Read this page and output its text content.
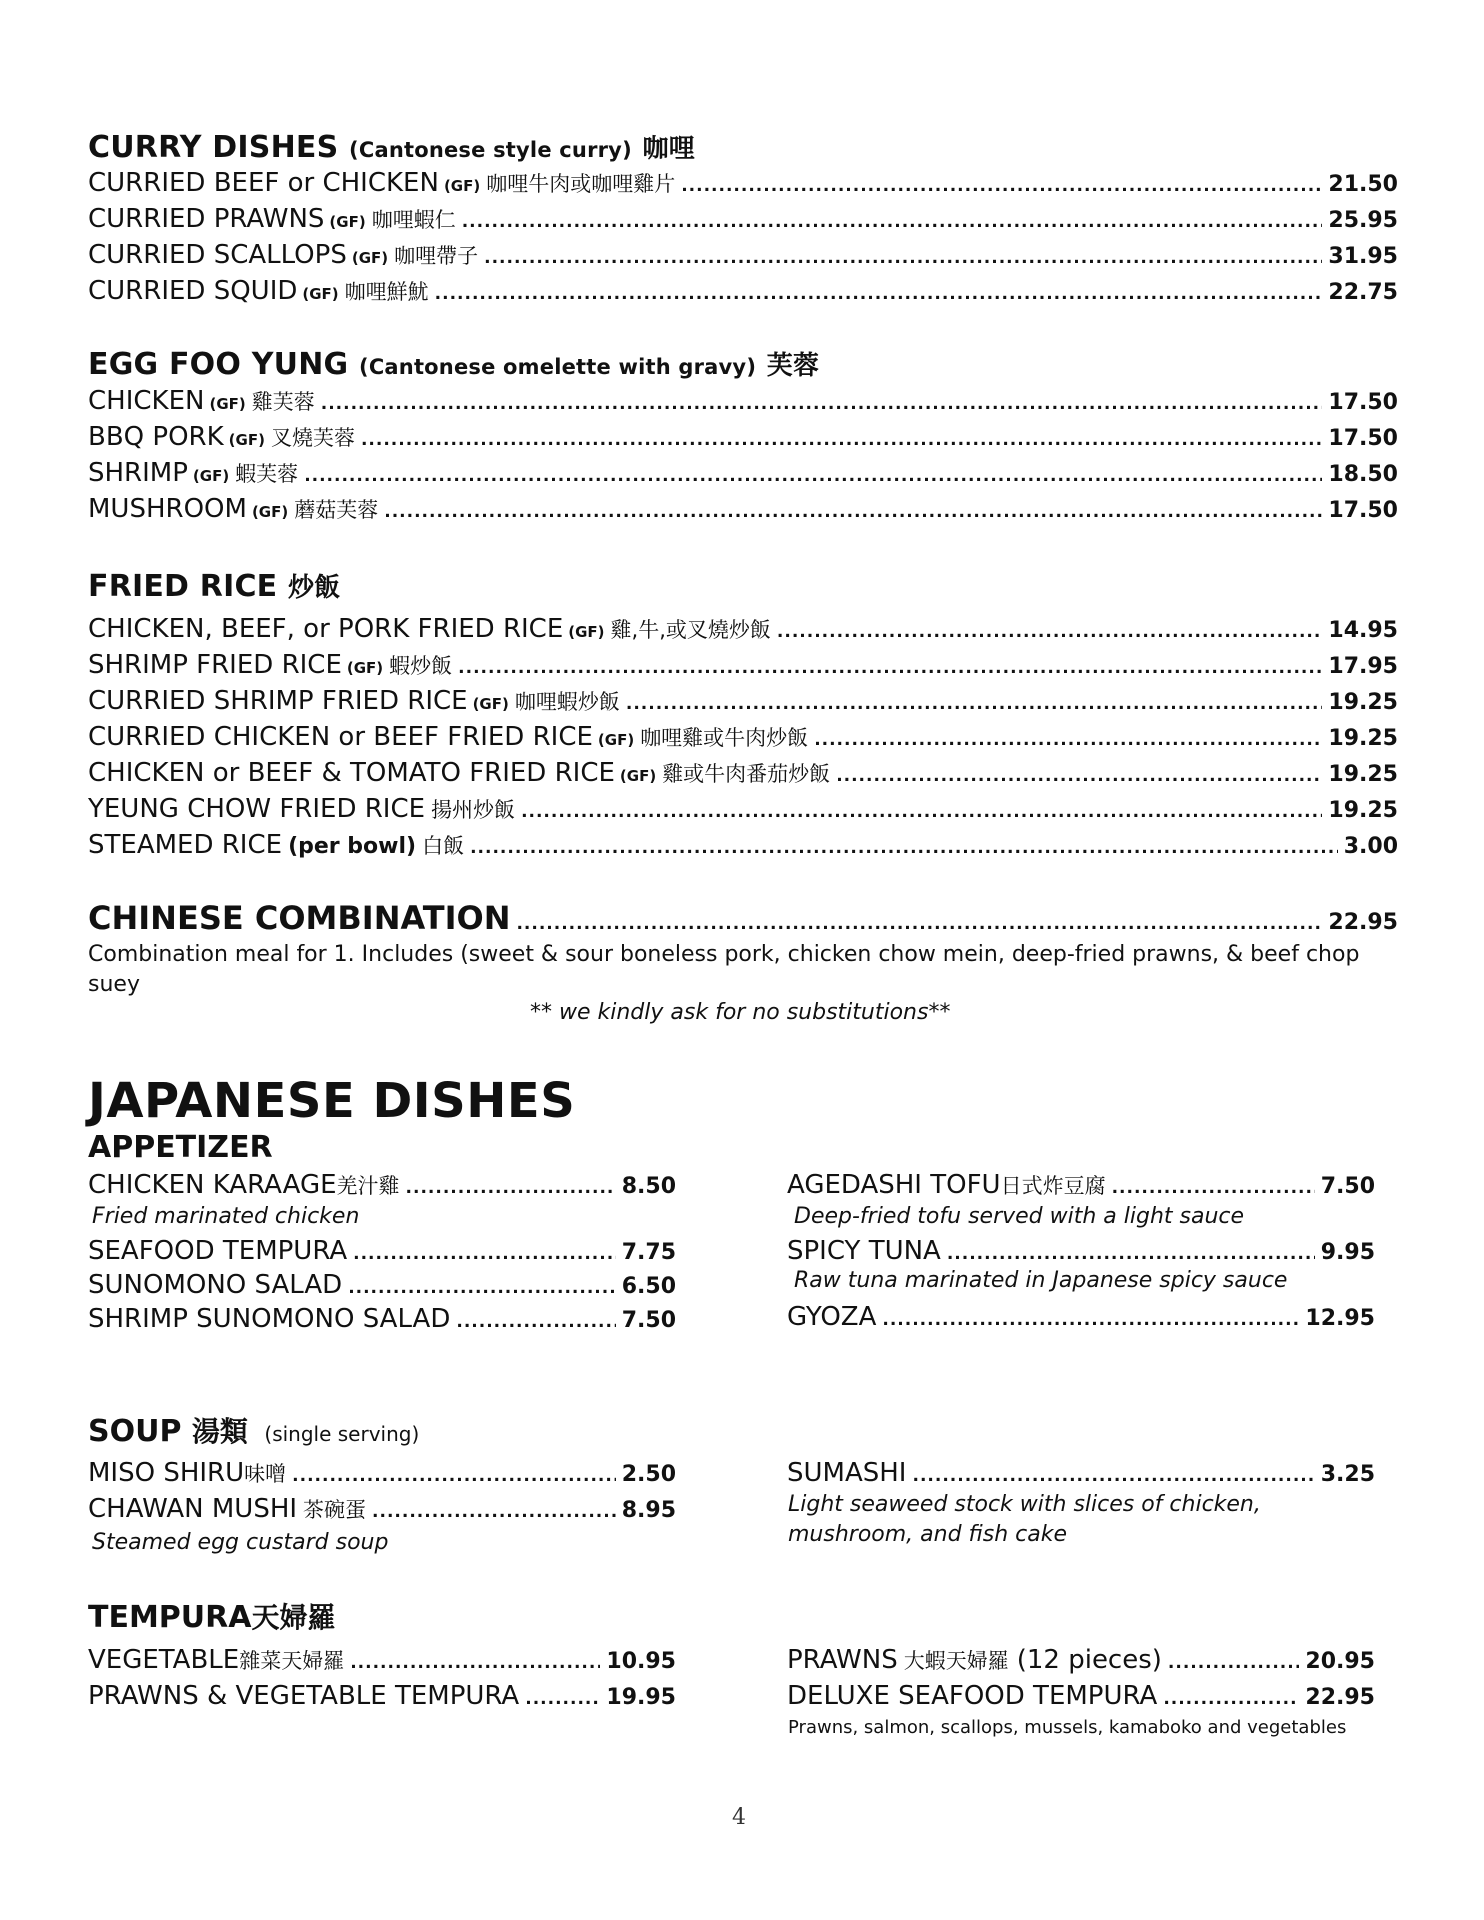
CURRY DISHES (Cantonese style curry) 咖哩
CURRIED BEEF or CHICKEN (GF) 咖哩牛肉或咖哩雞片 .....	21.50
CURRIED PRAWNS (GF) 咖哩蝦仁 .....	25.95
CURRIED SCALLOPS (GF) 咖哩帶子 .....	31.95
CURRIED SQUID (GF) 咖哩鮮魷 .....	22.75
EGG FOO YUNG (Cantonese omelette with gravy) 芙蓉
CHICKEN (GF) 雞芙蓉 .....	17.50
BBQ PORK (GF) 叉燒芙蓉 .....	17.50
SHRIMP (GF) 蝦芙蓉 .....	18.50
MUSHROOM (GF) 蘑菇芙蓉 .....	17.50
FRIED RICE 炒飯
CHICKEN, BEEF, or PORK FRIED RICE (GF) 雞,牛,或叉燒炒飯 .....	14.95
SHRIMP FRIED RICE (GF) 蝦炒飯 .....	17.95
CURRIED SHRIMP FRIED RICE (GF) 咖哩蝦炒飯 .....	19.25
CURRIED CHICKEN or BEEF FRIED RICE (GF) 咖哩雞或牛肉炒飯 .....	19.25
CHICKEN or BEEF & TOMATO FRIED RICE (GF) 雞或牛肉番茄炒飯 .....	19.25
YEUNG CHOW FRIED RICE 揚州炒飯 .....	19.25
STEAMED RICE (per bowl) 白飯 .....	3.00
CHINESE COMBINATION .....	22.95
Combination meal for 1. Includes (sweet & sour boneless pork, chicken chow mein, deep-fried prawns, & beef chop suey
** we kindly ask for no substitutions**
JAPANESE DISHES
APPETIZER
CHICKEN KARAAGE 羌汁雞 .....	8.50
Fried marinated chicken
SEAFOOD TEMPURA .....	7.75
SUNOMONO SALAD .....	6.50
SHRIMP SUNOMONO SALAD .....	7.50
AGEDASHI TOFU 日式炸豆腐 .....	7.50
Deep-fried tofu served with a light sauce
SPICY TUNA .....	9.95
Raw tuna marinated in Japanese spicy sauce
GYOZA .....	12.95
SOUP 湯類 (single serving)
MISO SHIRU 味噌 .....	2.50
CHAWAN MUSHI 茶碗蛋 .....	8.95
Steamed egg custard soup
SUMASHI .....	3.25
Light seaweed stock with slices of chicken, mushroom, and fish cake
TEMPURA天婦羅
VEGETABLE 雜菜天婦羅 .....	10.95
PRAWNS & VEGETABLE TEMPURA .....	19.95
PRAWNS 大蝦天婦羅 (12 pieces) .....	20.95
DELUXE SEAFOOD TEMPURA .....	22.95
Prawns, salmon, scallops, mussels, kamaboko and vegetables
4
